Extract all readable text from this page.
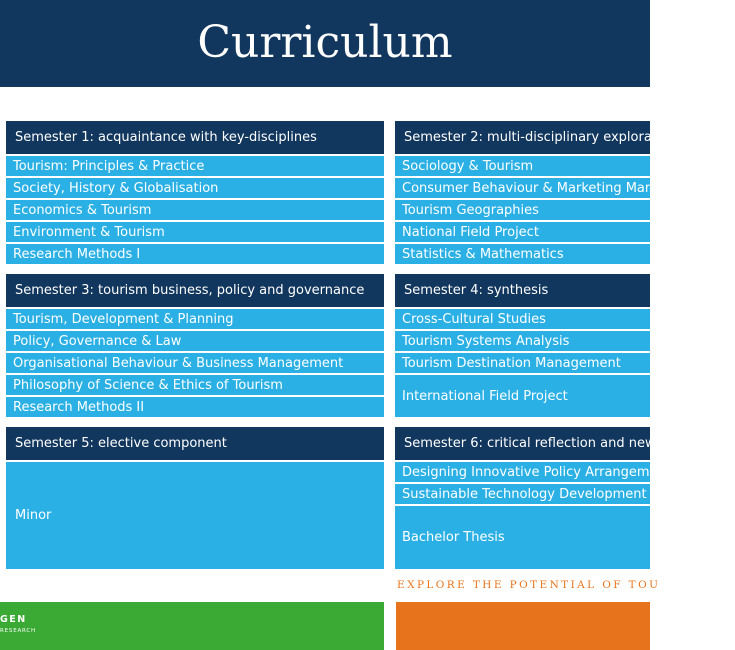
Curriculum
Semester 1: acquaintance with key-disciplines
Tourism: Principles & Practice
Society, History & Globalisation
Economics & Tourism
Environment & Tourism
Research Methods I
Semester 2: multi-disciplinary exploration
Sociology & Tourism
Consumer Behaviour & Marketing Management
Tourism Geographies
National Field Project
Statistics & Mathematics
Semester 3: tourism business, policy and governance
Tourism, Development & Planning
Policy, Governance & Law
Organisational Behaviour & Business Management
Philosophy of Science & Ethics of Tourism
Research Methods II
Semester 4: synthesis
Cross-Cultural Studies
Tourism Systems Analysis
Tourism Destination Management
International Field Project
Semester 5: elective component
Minor
Semester 6: critical reflection and new approaches
Designing Innovative Policy Arrangements
Sustainable Technology Development
Bachelor Thesis
EXPLORE THE POTENTIAL OF TOU
GEN
RESEARCH
